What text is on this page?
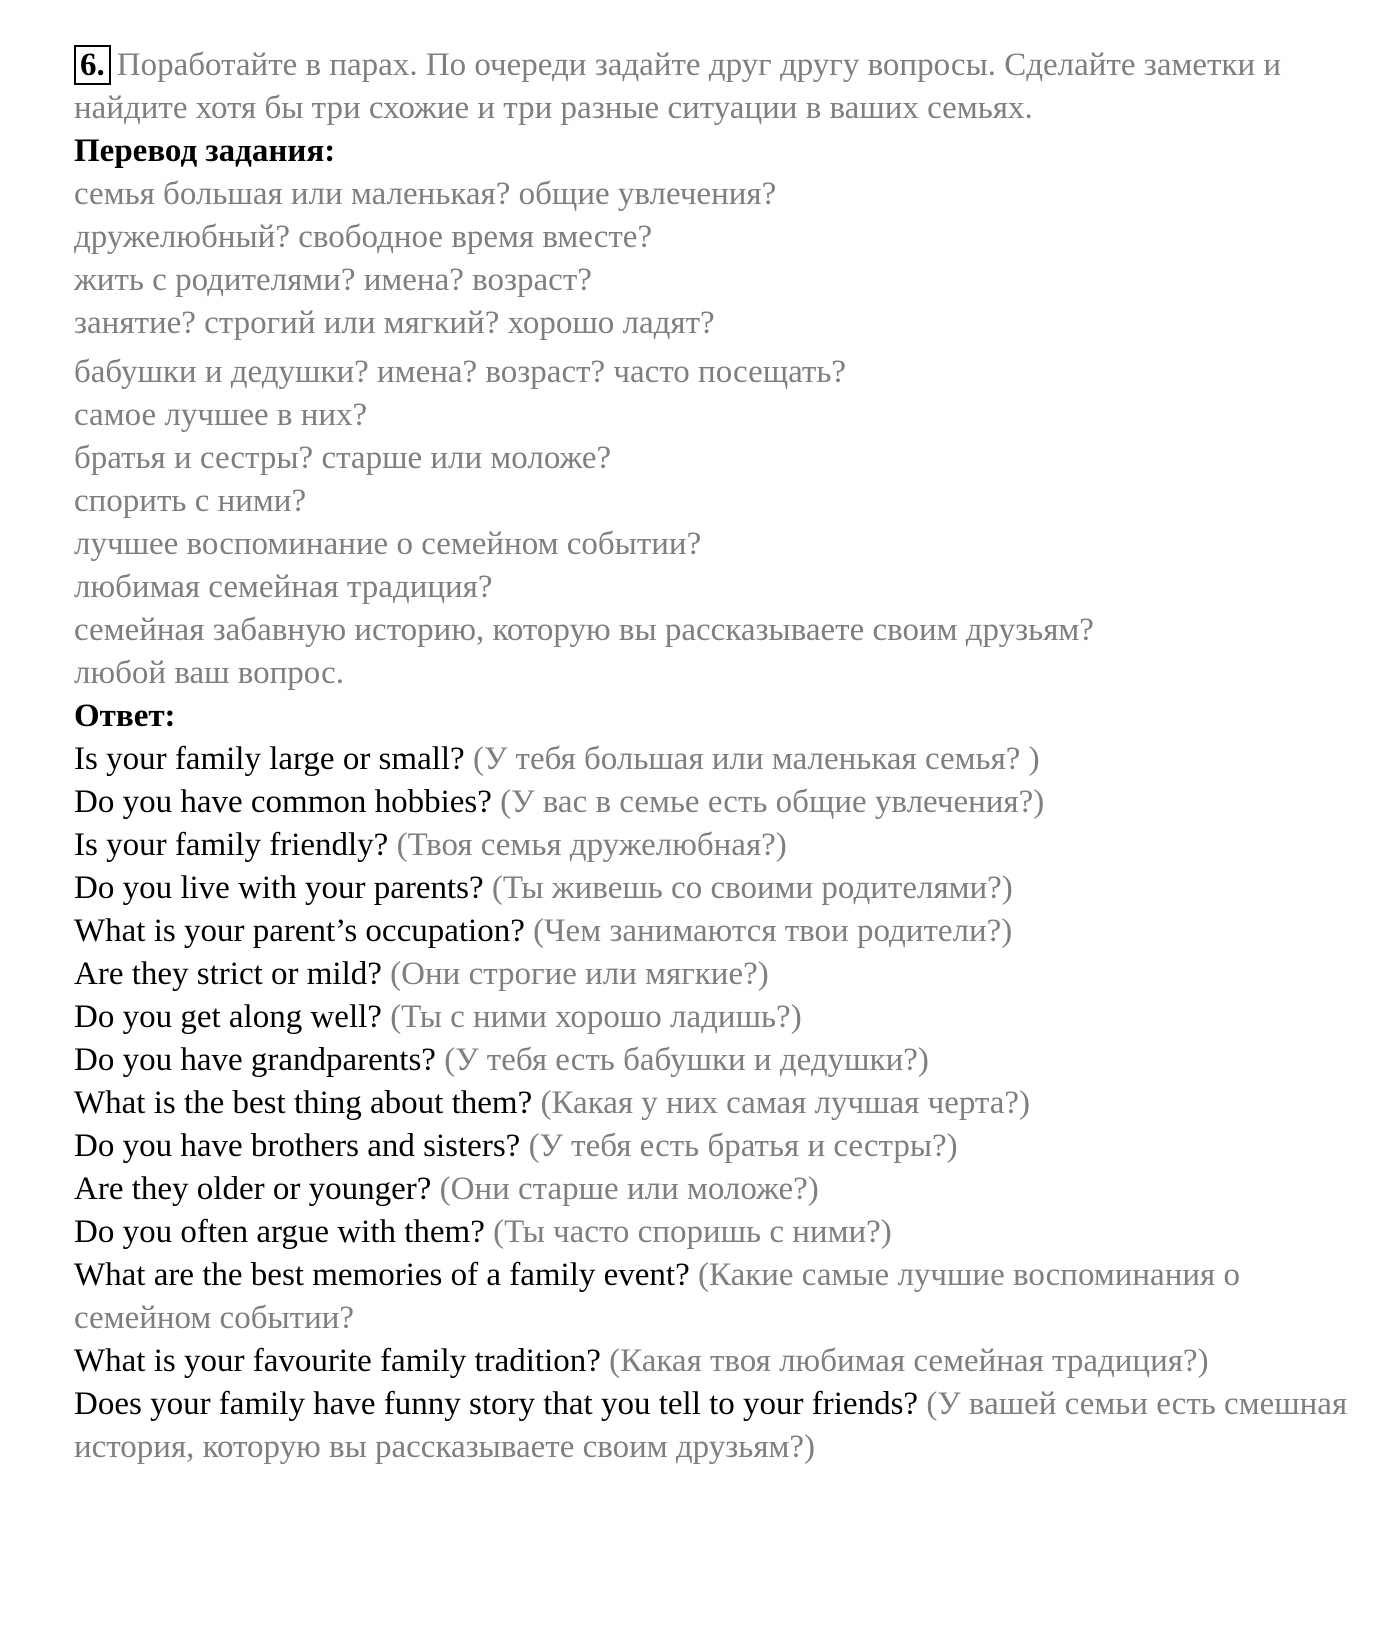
6. Поработайте в парах. По очереди задайте друг другу вопросы. Сделайте заметки и найдите хотя бы три схожие и три разные ситуации в ваших семьях.
Перевод задания:
семья большая или маленькая? общие увлечения?
дружелюбный? свободное время вместе?
жить с родителями? имена? возраст?
занятие? строгий или мягкий? хорошо ладят?
бабушки и дедушки? имена? возраст? часто посещать?
самое лучшее в них?
братья и сестры? старше или моложе?
спорить с ними?
лучшее воспоминание о семейном событии?
любимая семейная традиция?
семейная забавную историю, которую вы рассказываете своим друзьям?
любой ваш вопрос.
Ответ:
Is your family large or small? (У тебя большая или маленькая семья? )
Do you have common hobbies? (У вас в семье есть общие увлечения?)
Is your family friendly? (Твоя семья дружелюбная?)
Do you live with your parents? (Ты живешь со своими родителями?)
What is your parent’s occupation? (Чем занимаются твои родители?)
Are they strict or mild? (Они строгие или мягкие?)
Do you get along well? (Ты с ними хорошо ладишь?)
Do you have grandparents? (У тебя есть бабушки и дедушки?)
What is the best thing about them? (Какая у них самая лучшая черта?)
Do you have brothers and sisters? (У тебя есть братья и сестры?)
Are they older or younger? (Они старше или моложе?)
Do you often argue with them? (Ты часто споришь с ними?)
What are the best memories of a family event? (Какие самые лучшие воспоминания о семейном событии?
What is your favourite family tradition? (Какая твоя любимая семейная традиция?)
Does your family have funny story that you tell to your friends? (У вашей семьи есть смешная история, которую вы рассказываете своим друзьям?)
